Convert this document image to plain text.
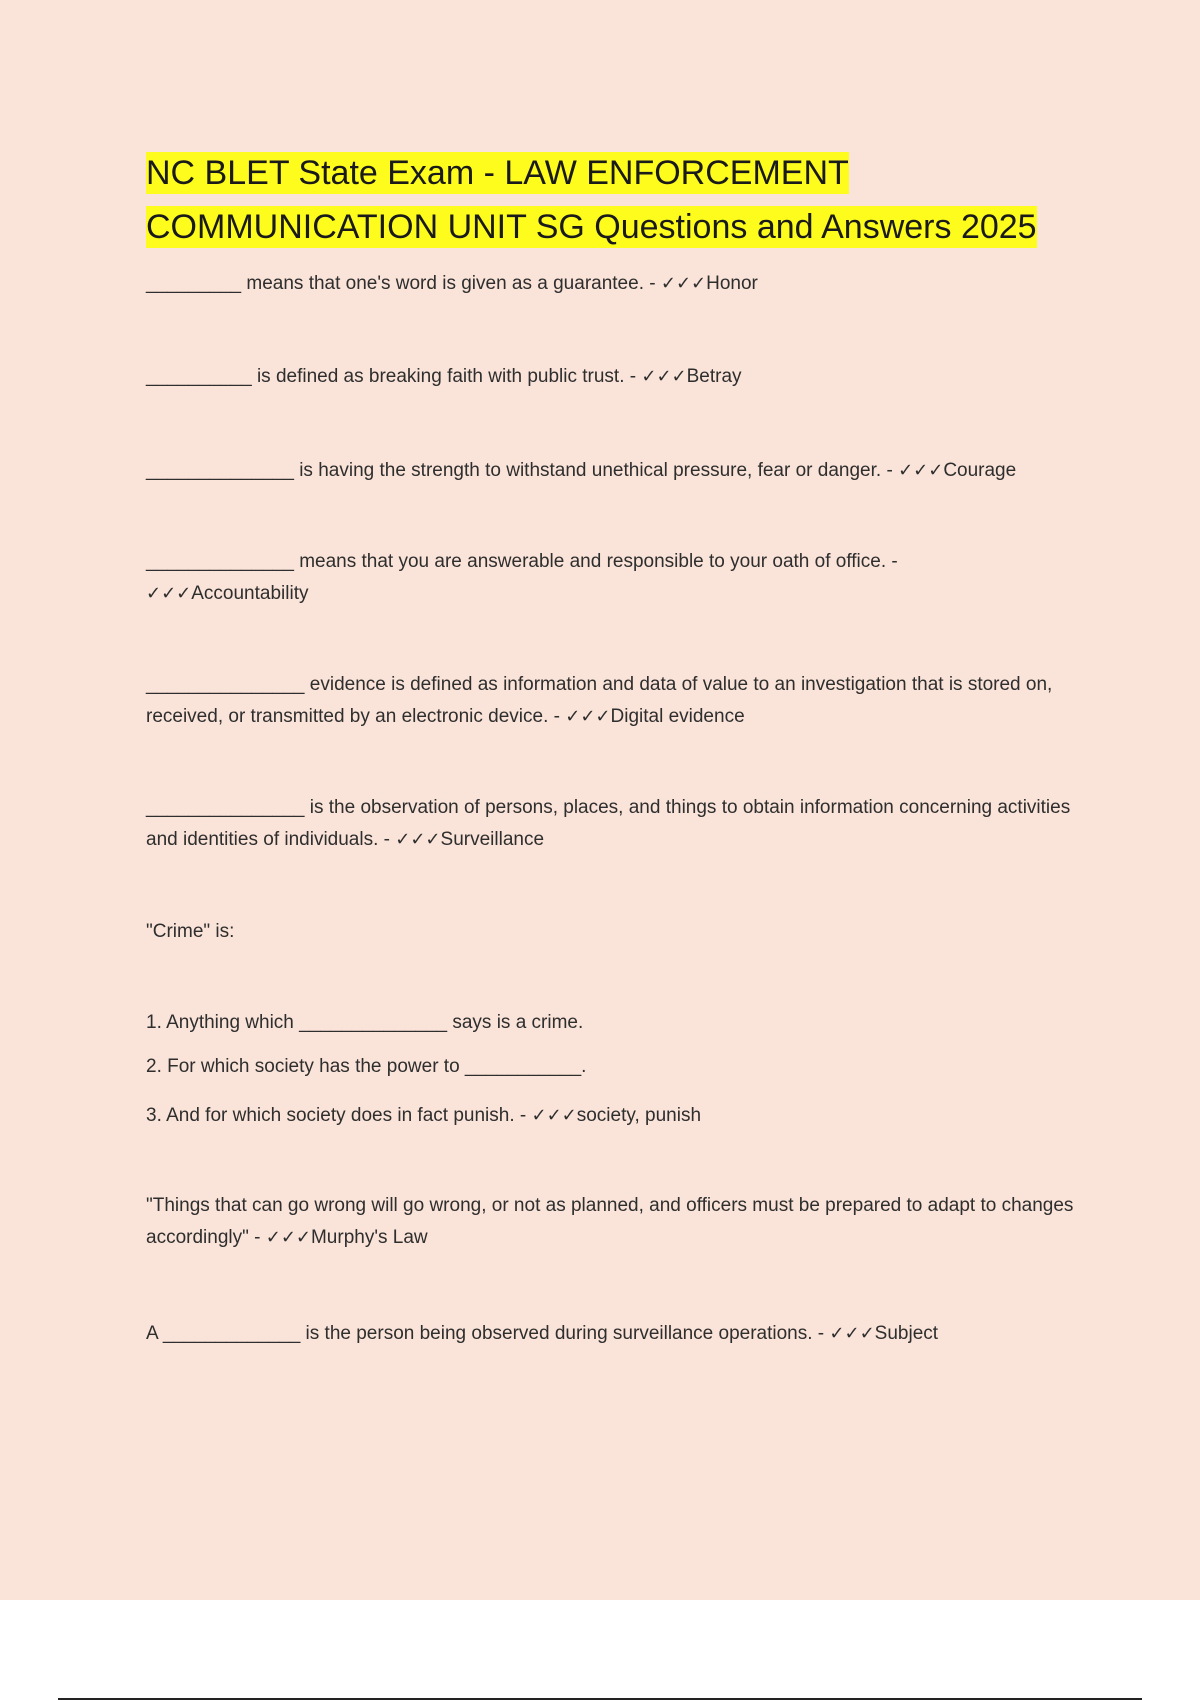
NC BLET State Exam - LAW ENFORCEMENT
COMMUNICATION UNIT SG Questions and Answers 2025
_________ means that one's word is given as a guarantee. - ✓✓✓Honor
__________ is defined as breaking faith with public trust. - ✓✓✓Betray
______________ is having the strength to withstand unethical pressure, fear or danger. - ✓✓✓Courage
______________ means that you are answerable and responsible to your oath of office. -
✓✓✓Accountability
_______________ evidence is defined as information and data of value to an investigation that is stored on, received, or transmitted by an electronic device. - ✓✓✓Digital evidence
_______________ is the observation of persons, places, and things to obtain information concerning activities and identities of individuals. - ✓✓✓Surveillance
"Crime" is:
1. Anything which ______________ says is a crime.
2. For which society has the power to ___________.
3. And for which society does in fact punish. - ✓✓✓society, punish
"Things that can go wrong will go wrong, or not as planned, and officers must be prepared to adapt to changes accordingly" - ✓✓✓Murphy's Law
A _____________ is the person being observed during surveillance operations. - ✓✓✓Subject
